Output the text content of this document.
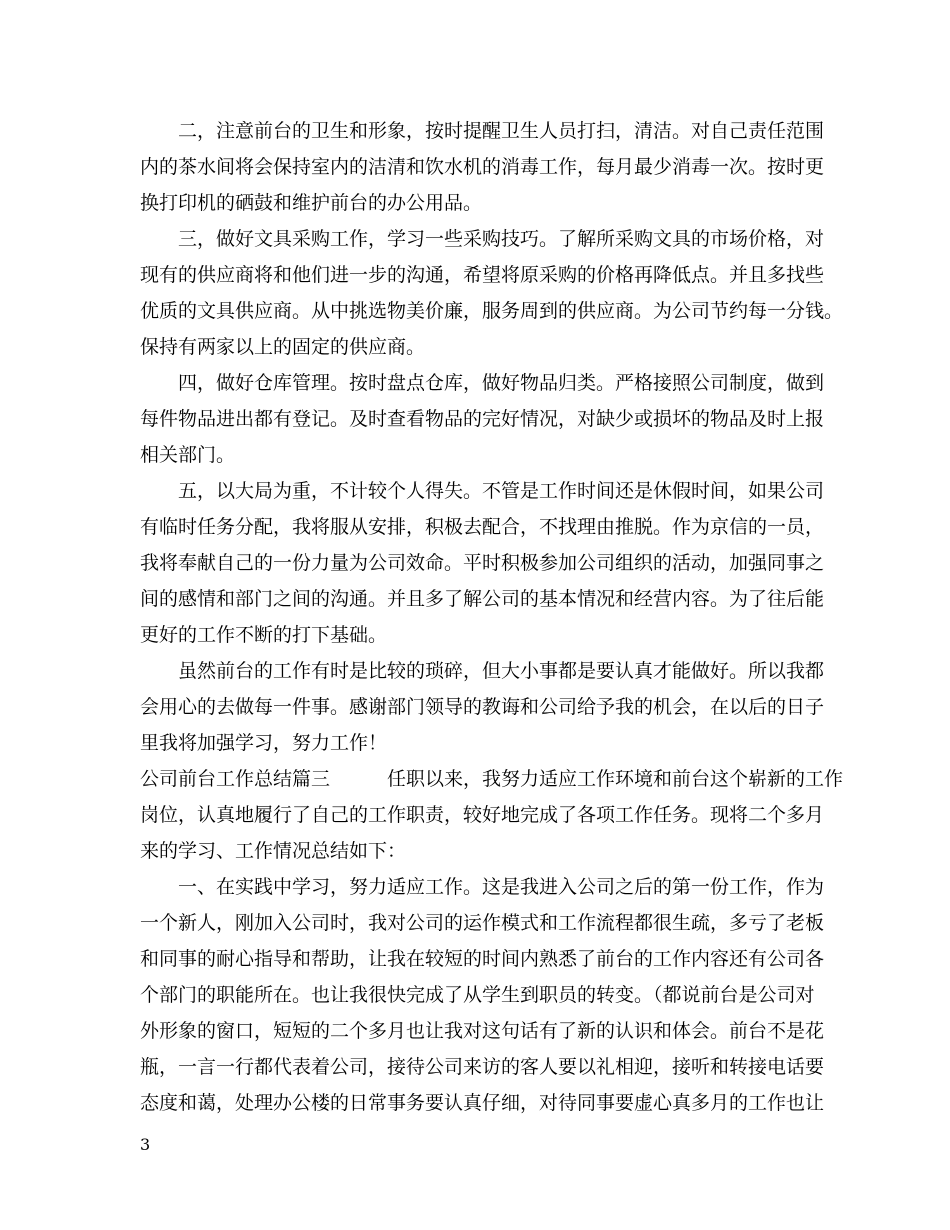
　　二，注意前台的卫生和形象，按时提醒卫生人员打扫，清洁。对自己责任范围
内的茶水间将会保持室内的洁清和饮水机的消毒工作，每月最少消毒一次。按时更
换打印机的硒鼓和维护前台的办公用品。
　　三，做好文具采购工作，学习一些采购技巧。了解所采购文具的市场价格，对
现有的供应商将和他们进一步的沟通，希望将原采购的价格再降低点。并且多找些
优质的文具供应商。从中挑选物美价廉，服务周到的供应商。为公司节约每一分钱。
保持有两家以上的固定的供应商。
　　四，做好仓库管理。按时盘点仓库，做好物品归类。严格接照公司制度，做到
每件物品进出都有登记。及时查看物品的完好情况，对缺少或损坏的物品及时上报
相关部门。
　　五，以大局为重，不计较个人得失。不管是工作时间还是休假时间，如果公司
有临时任务分配，我将服从安排，积极去配合，不找理由推脱。作为京信的一员，
我将奉献自己的一份力量为公司效命。平时积极参加公司组织的活动，加强同事之
间的感情和部门之间的沟通。并且多了解公司的基本情况和经营内容。为了往后能
更好的工作不断的打下基础。
　　虽然前台的工作有时是比较的琐碎，但大小事都是要认真才能做好。所以我都
会用心的去做每一件事。感谢部门领导的教诲和公司给予我的机会，在以后的日子
里我将加强学习，努力工作！
公司前台工作总结篇三　　　任职以来，我努力适应工作环境和前台这个崭新的工作
岗位，认真地履行了自己的工作职责，较好地完成了各项工作任务。现将二个多月
来的学习、工作情况总结如下：
　　一、在实践中学习，努力适应工作。这是我进入公司之后的第一份工作，作为
一个新人，刚加入公司时，我对公司的运作模式和工作流程都很生疏，多亏了老板
和同事的耐心指导和帮助，让我在较短的时间内熟悉了前台的工作内容还有公司各
个部门的职能所在。也让我很快完成了从学生到职员的转变。（都说前台是公司对
外形象的窗口，短短的二个多月也让我对这句话有了新的认识和体会。前台不是花
瓶，一言一行都代表着公司，接待公司来访的客人要以礼相迎，接听和转接电话要
态度和蔼，处理办公楼的日常事务要认真仔细，对待同事要虚心真多月的工作也让
3
